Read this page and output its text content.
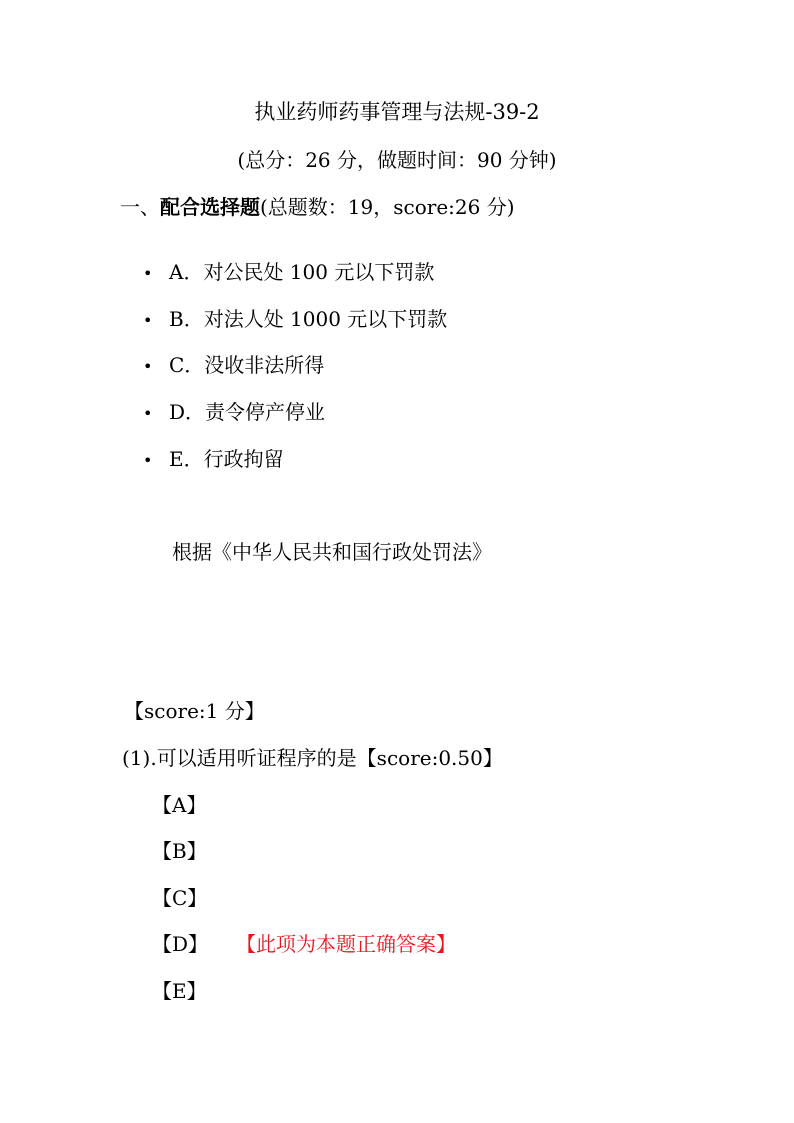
执业药师药事管理与法规-39-2
(总分：26 分，做题时间：90 分钟)
一、配合选择题(总题数：19，score:26 分)
• A．对公民处 100 元以下罚款
• B．对法人处 1000 元以下罚款
• C．没收非法所得
• D．责令停产停业
• E．行政拘留
根据《中华人民共和国行政处罚法》
【score:1 分】
(1).可以适用听证程序的是【score:0.50】
【A】
【B】
【C】
【D】 【此项为本题正确答案】
【E】
